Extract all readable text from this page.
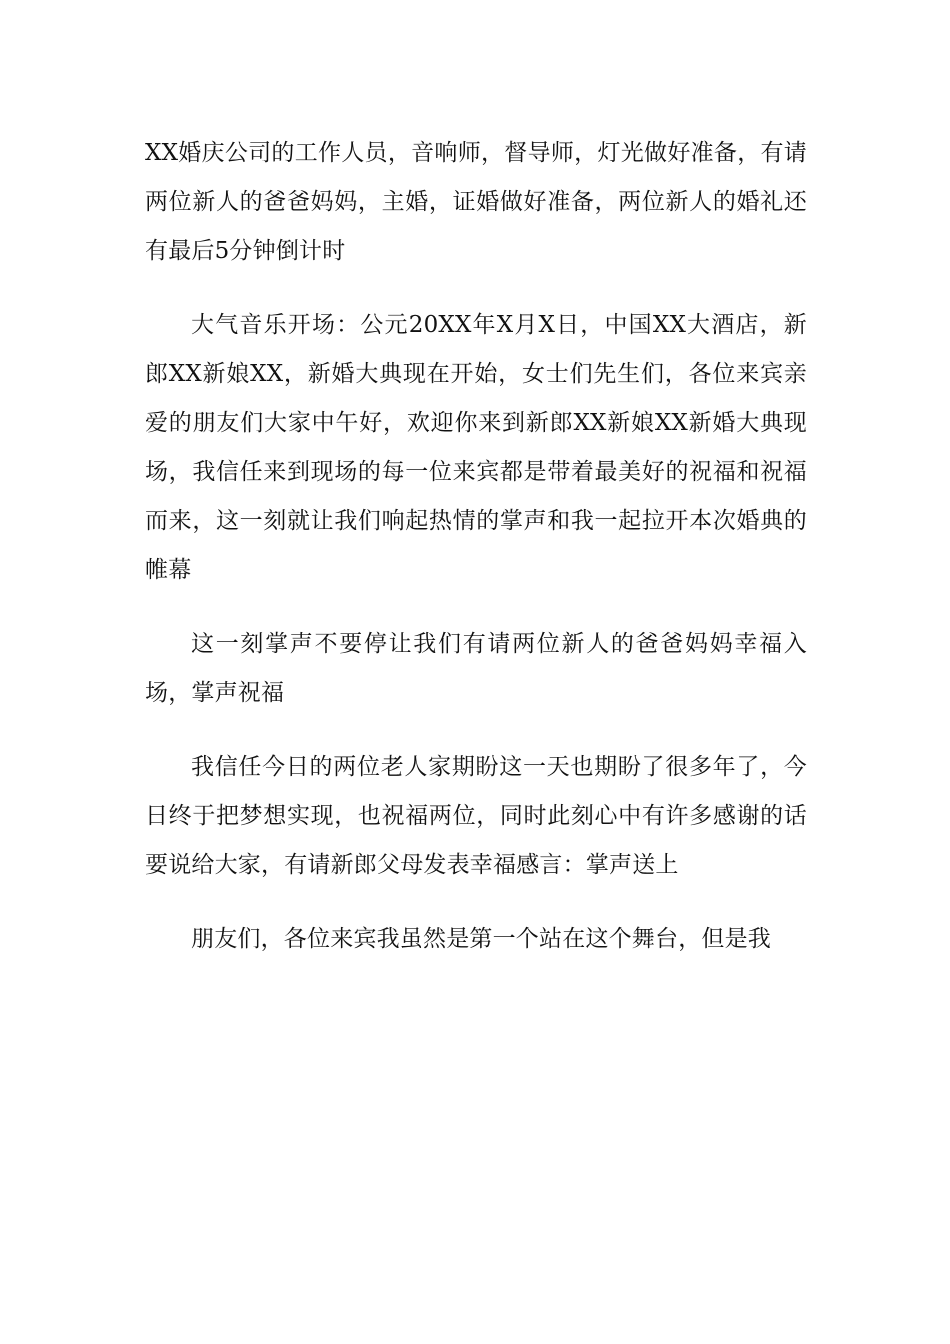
XX婚庆公司的工作人员，音响师，督导师，灯光做好准备，有请两位新人的爸爸妈妈，主婚，证婚做好准备，两位新人的婚礼还有最后5分钟倒计时

大气音乐开场：公元20XX年X月X日，中国XX大酒店，新郎XX新娘XX，新婚大典现在开始，女士们先生们，各位来宾亲爱的朋友们大家中午好，欢迎你来到新郎XX新娘XX新婚大典现场，我信任来到现场的每一位来宾都是带着最美好的祝福和祝福而来，这一刻就让我们响起热情的掌声和我一起拉开本次婚典的帷幕

这一刻掌声不要停让我们有请两位新人的爸爸妈妈幸福入场，掌声祝福

我信任今日的两位老人家期盼这一天也期盼了很多年了，今日终于把梦想实现，也祝福两位，同时此刻心中有许多感谢的话要说给大家，有请新郎父母发表幸福感言：掌声送上

朋友们，各位来宾我虽然是第一个站在这个舞台，但是我
